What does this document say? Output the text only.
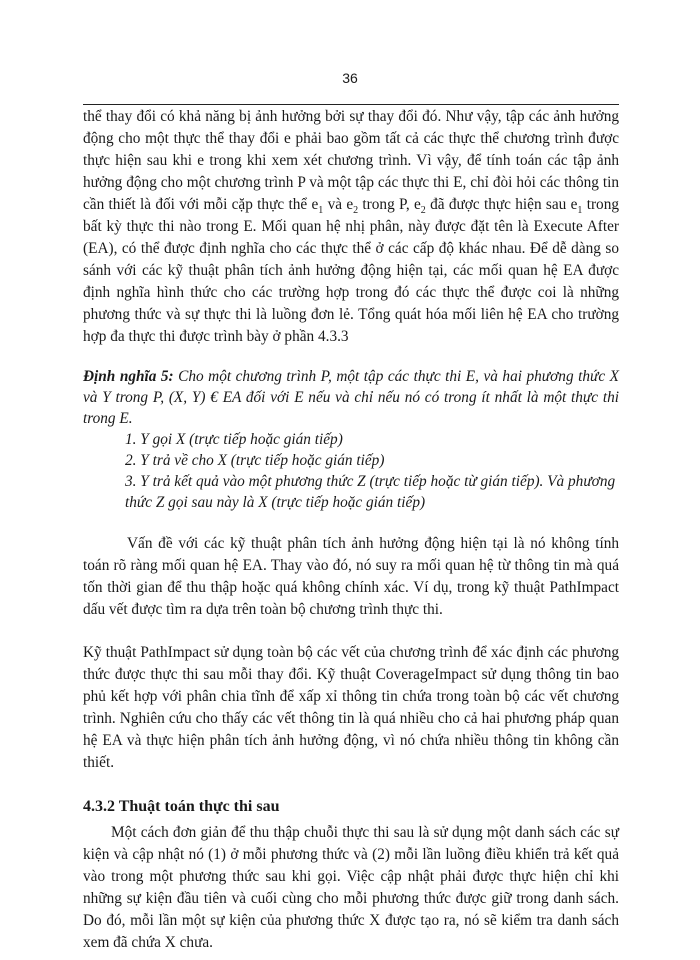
36

thể thay đổi có khả năng bị ảnh hưởng bởi sự thay đổi đó. Như vậy, tập các ảnh hưởng động cho một thực thể thay đổi e phải bao gồm tất cả các thực thể chương trình được thực hiện sau khi e trong khi xem xét chương trình. Vì vậy, để tính toán các tập ảnh hưởng động cho một chương trình P và một tập các thực thi E, chỉ đòi hỏi các thông tin cần thiết là đối với mỗi cặp thực thể $e_1$ và $e_2$ trong P, $e_2$ đã được thực hiện sau $e_1$ trong bất kỳ thực thi nào trong E. Mối quan hệ nhị phân, này được đặt tên là Execute After (EA), có thể được định nghĩa cho các thực thể ở các cấp độ khác nhau. Để dễ dàng so sánh với các kỹ thuật phân tích ảnh hưởng động hiện tại, các mối quan hệ EA được định nghĩa hình thức cho các trường hợp trong đó các thực thể được coi là những phương thức và sự thực thi là luồng đơn lẻ. Tổng quát hóa mối liên hệ EA cho trường hợp đa thực thi được trình bày ở phần 4.3.3

Định nghĩa 5: Cho một chương trình P, một tập các thực thi E, và hai phương thức X và Y trong P, (X, Y) € EA đối với E nếu và chỉ nếu nó có trong ít nhất là một thực thi trong E.

1. Y gọi X (trực tiếp hoặc gián tiếp)
2. Y trả về cho X (trực tiếp hoặc gián tiếp)
3. Y trả kết quả vào một phương thức Z (trực tiếp hoặc từ gián tiếp). Và phương thức Z gọi sau này là X (trực tiếp hoặc gián tiếp)

Vấn đề với các kỹ thuật phân tích ảnh hưởng động hiện tại là nó không tính toán rõ ràng mối quan hệ EA. Thay vào đó, nó suy ra mối quan hệ từ thông tin mà quá tốn thời gian để thu thập hoặc quá không chính xác. Ví dụ, trong kỹ thuật PathImpact dấu vết được tìm ra dựa trên toàn bộ chương trình thực thi.

Kỹ thuật PathImpact sử dụng toàn bộ các vết của chương trình để xác định các phương thức được thực thi sau mỗi thay đổi. Kỹ thuật CoverageImpact sử dụng thông tin bao phủ kết hợp với phân chia tĩnh để xấp xỉ thông tin chứa trong toàn bộ các vết chương trình. Nghiên cứu cho thấy các vết thông tin là quá nhiều cho cả hai phương pháp quan hệ EA và thực hiện phân tích ảnh hưởng động, vì nó chứa nhiều thông tin không cần thiết.

4.3.2 Thuật toán thực thi sau

Một cách đơn giản để thu thập chuỗi thực thi sau là sử dụng một danh sách các sự kiện và cập nhật nó (1) ở mỗi phương thức và (2) mỗi lần luồng điều khiển trả kết quả vào trong một phương thức sau khi gọi. Việc cập nhật phải được thực hiện chỉ khi những sự kiện đầu tiên và cuối cùng cho mỗi phương thức được giữ trong danh sách. Do đó, mỗi lần một sự kiện của phương thức X được tạo ra, nó sẽ kiểm tra danh sách xem đã chứa X chưa.
